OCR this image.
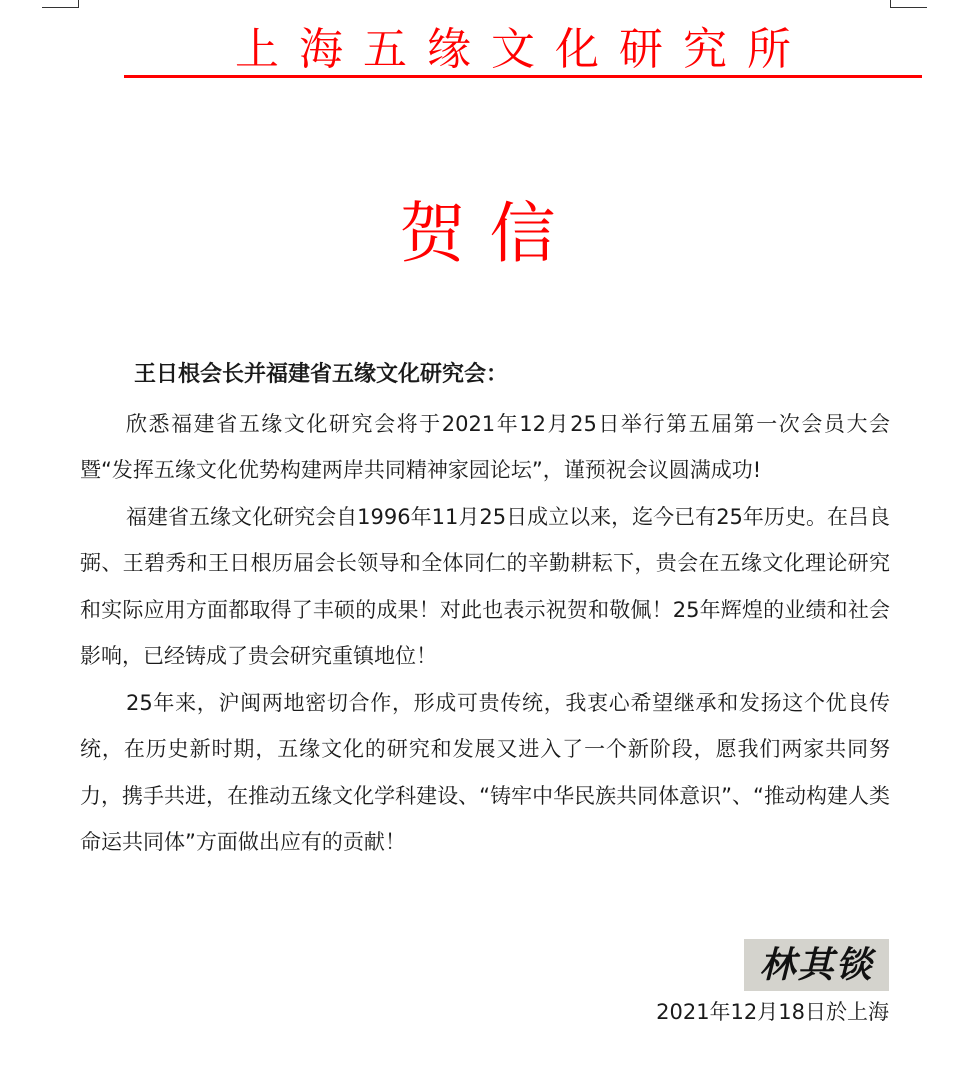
上海五缘文化研究所
贺信
王日根会长并福建省五缘文化研究会：

欣悉福建省五缘文化研究会将于2021年12月25日举行第五届第一次会员大会暨“发挥五缘文化优势构建两岸共同精神家园论坛”，谨预祝会议圆满成功!

福建省五缘文化研究会自1996年11月25日成立以来，迄今已有25年历史。在吕良弼、王碧秀和王日根历届会长领导和全体同仁的辛勤耕耘下，贵会在五缘文化理论研究和实际应用方面都取得了丰硕的成果！对此也表示祝贺和敬佩！25年辉煌的业绩和社会影响，已经铸成了贵会研究重镇地位！

25年来，沪闽两地密切合作，形成可贵传统，我衷心希望继承和发扬这个优良传统，在历史新时期，五缘文化的研究和发展又进入了一个新阶段，愿我们两家共同努力，携手共进，在推动五缘文化学科建设、“铸牢中华民族共同体意识”、“推动构建人类命运共同体”方面做出应有的贡献！

林其锬
2021年12月18日於上海
